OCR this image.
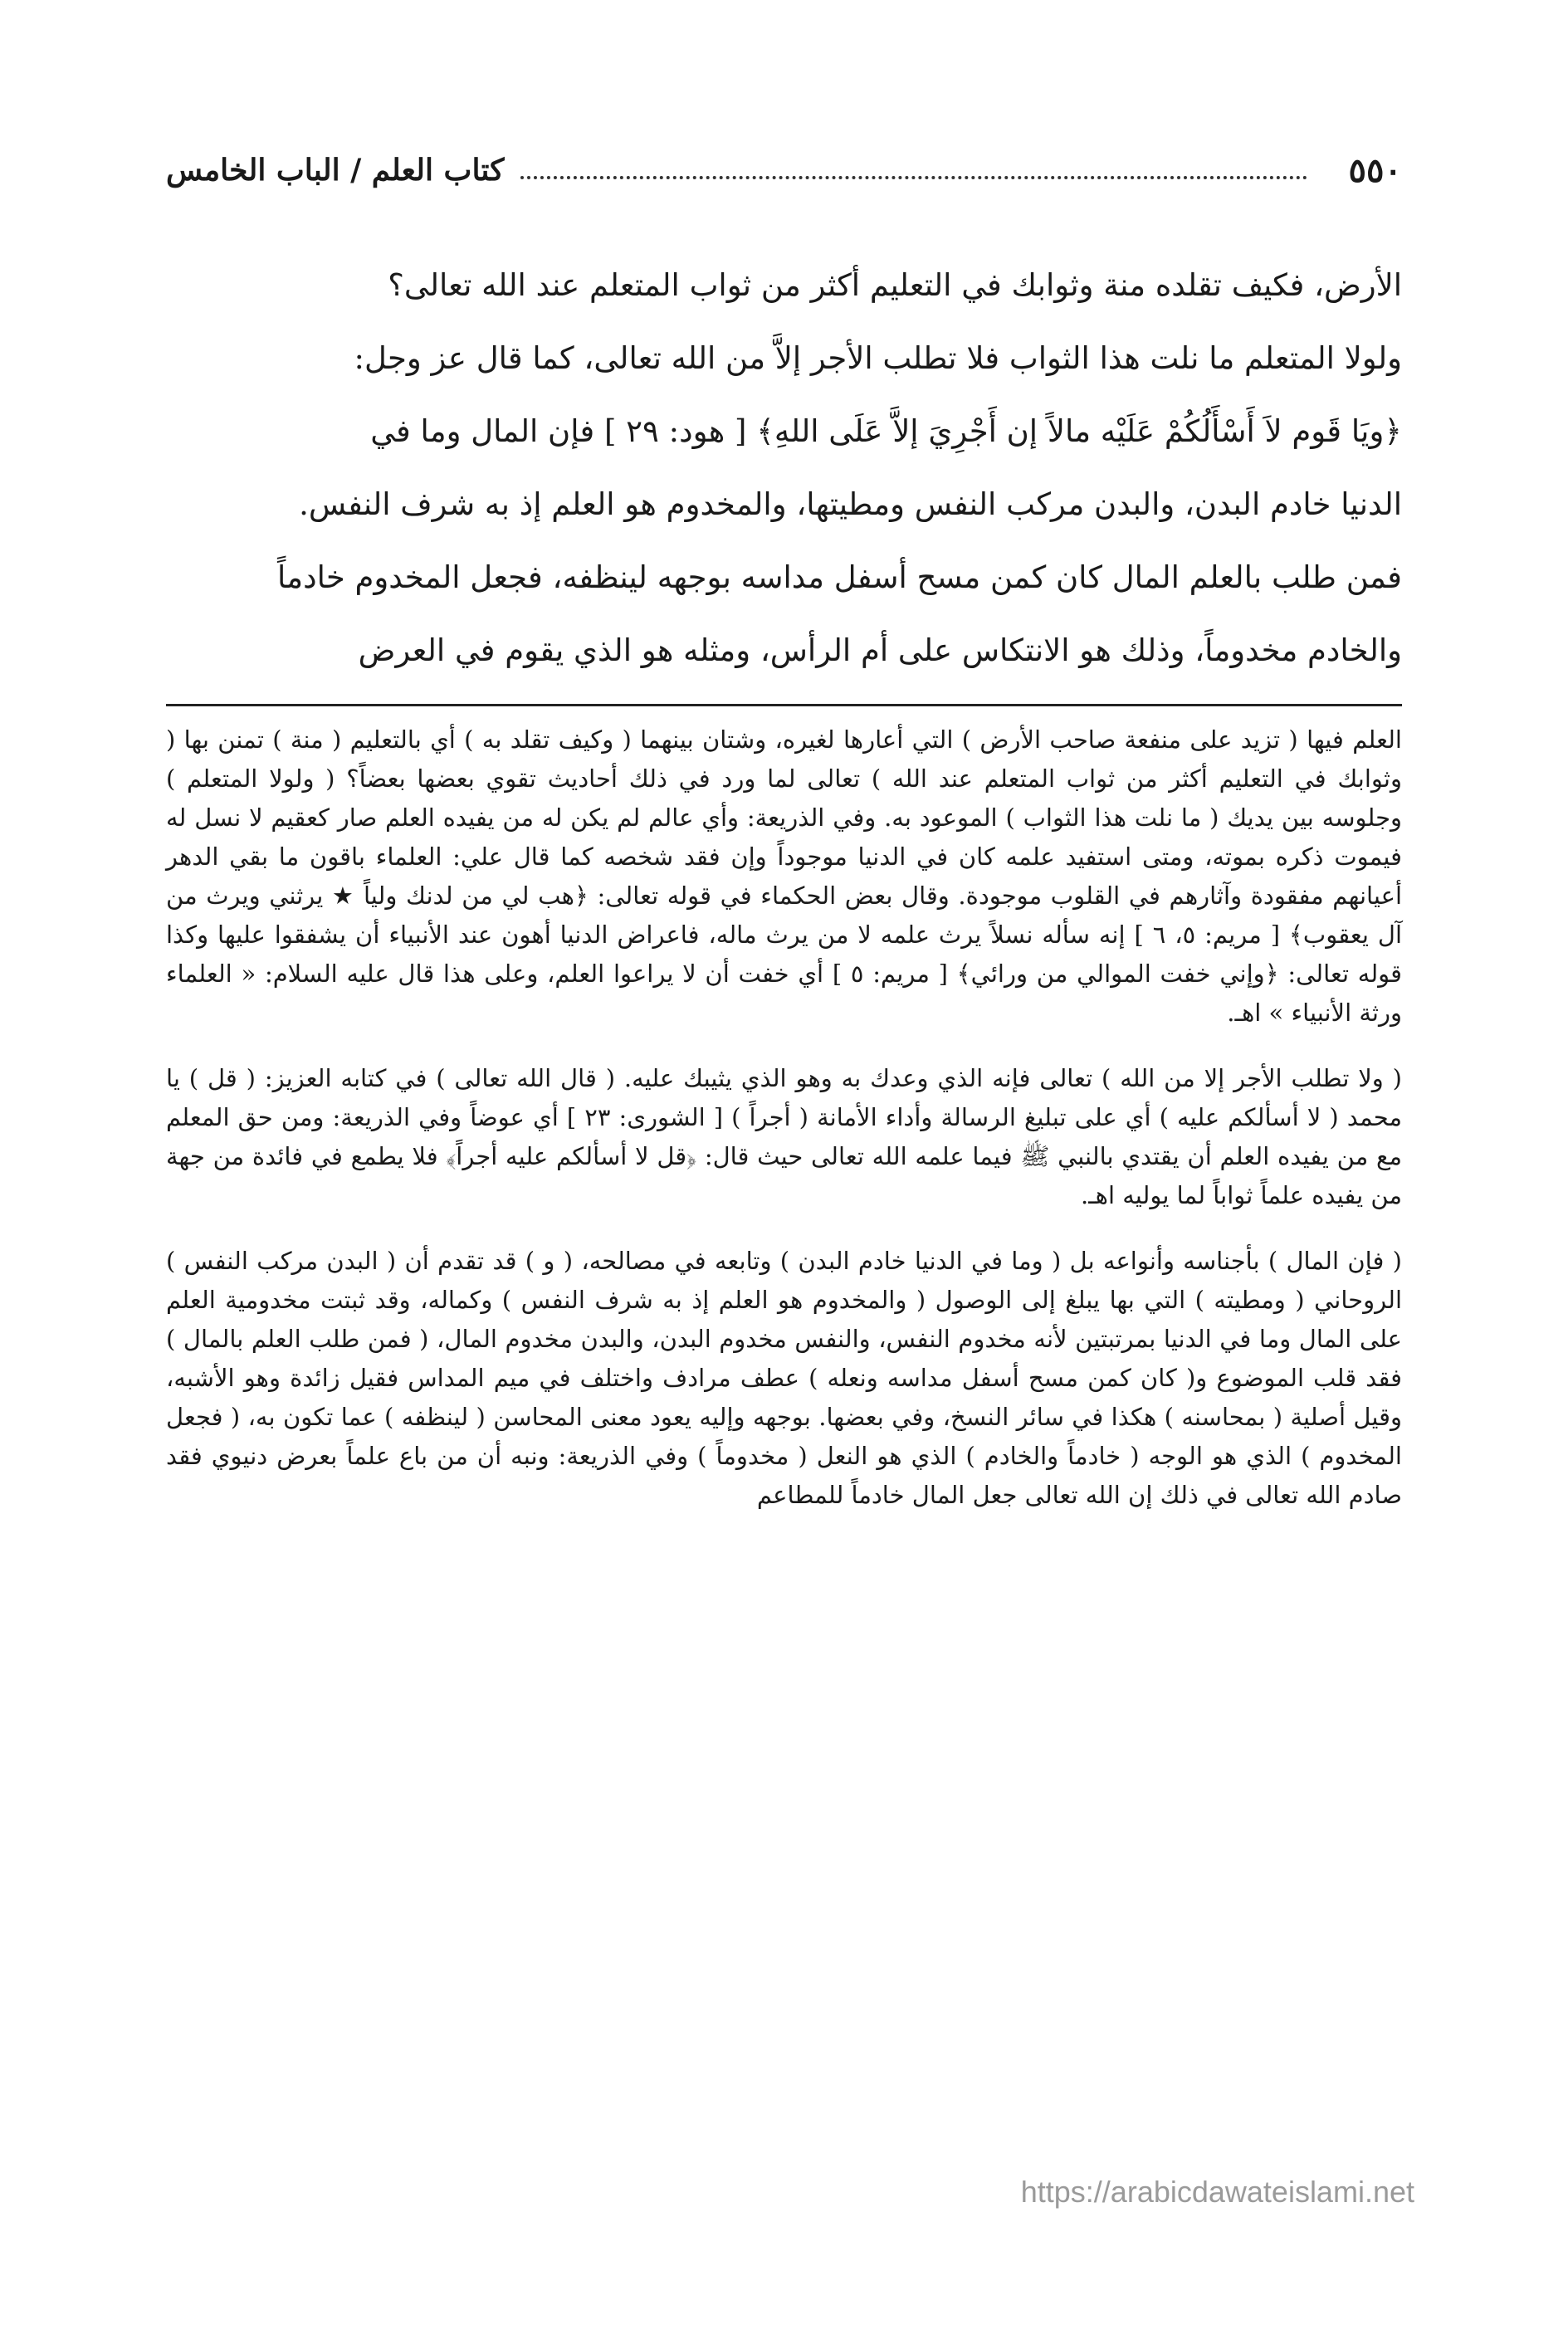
٥٥٠
كتاب العلم / الباب الخامس

الأرض، فكيف تقلده منة وثوابك في التعليم أكثر من ثواب المتعلم عند الله تعالى؟

ولولا المتعلم ما نلت هذا الثواب فلا تطلب الأجر إلاَّ من الله تعالى، كما قال عز وجل:

﴿ويَا قَوم لاَ أَسْأَلُكُمْ عَلَيْه مالاً إن أَجْرِيَ إلاَّ عَلَى اللهِ﴾ [ هود: ٢٩ ] فإن المال وما في

الدنيا خادم البدن، والبدن مركب النفس ومطيتها، والمخدوم هو العلم إذ به شرف النفس.

فمن طلب بالعلم المال كان كمن مسح أسفل مداسه بوجهه لينظفه، فجعل المخدوم خادماً

والخادم مخدوماً، وذلك هو الانتكاس على أم الرأس، ومثله هو الذي يقوم في العرض

العلم فيها ( تزيد على منفعة صاحب الأرض ) التي أعارها لغيره، وشتان بينهما ( وكيف تقلد به ) أي بالتعليم ( منة ) تمنن بها ( وثوابك في التعليم أكثر من ثواب المتعلم عند الله ) تعالى لما ورد في ذلك أحاديث تقوي بعضها بعضاً؟ ( ولولا المتعلم ) وجلوسه بين يديك ( ما نلت هذا الثواب ) الموعود به. وفي الذريعة: وأي عالم لم يكن له من يفيده العلم صار كعقيم لا نسل له فيموت ذكره بموته، ومتى استفيد علمه كان في الدنيا موجوداً وإن فقد شخصه كما قال علي: العلماء باقون ما بقي الدهر أعيانهم مفقودة وآثارهم في القلوب موجودة. وقال بعض الحكماء في قوله تعالى: ﴿هب لي من لدنك ولياً ★ يرثني ويرث من آل يعقوب﴾ [ مريم: ٥، ٦ ] إنه سأله نسلاً يرث علمه لا من يرث ماله، فاعراض الدنيا أهون عند الأنبياء أن يشفقوا عليها وكذا قوله تعالى: ﴿وإني خفت الموالي من ورائي﴾ [ مريم: ٥ ] أي خفت أن لا يراعوا العلم، وعلى هذا قال عليه السلام: « العلماء ورثة الأنبياء » اهـ.

( ولا تطلب الأجر إلا من الله ) تعالى فإنه الذي وعدك به وهو الذي يثيبك عليه. ( قال الله تعالى ) في كتابه العزيز: ( قل ) يا محمد ( لا أسألكم عليه ) أي على تبليغ الرسالة وأداء الأمانة ( أجراً ) [ الشورى: ٢٣ ] أي عوضاً وفي الذريعة: ومن حق المعلم مع من يفيده العلم أن يقتدي بالنبي ﷺ فيما علمه الله تعالى حيث قال: ﴿قل لا أسألكم عليه أجراً﴾ فلا يطمع في فائدة من جهة من يفيده علماً ثواباً لما يوليه اهـ.

( فإن المال ) بأجناسه وأنواعه بل ( وما في الدنيا خادم البدن ) وتابعه في مصالحه، ( و ) قد تقدم أن ( البدن مركب النفس ) الروحاني ( ومطيته ) التي بها يبلغ إلى الوصول ( والمخدوم هو العلم إذ به شرف النفس ) وكماله، وقد ثبتت مخدومية العلم على المال وما في الدنيا بمرتبتين لأنه مخدوم النفس، والنفس مخدوم البدن، والبدن مخدوم المال، ( فمن طلب العلم بالمال ) فقد قلب الموضوع و( كان كمن مسح أسفل مداسه ونعله ) عطف مرادف واختلف في ميم المداس فقيل زائدة وهو الأشبه، وقيل أصلية ( بمحاسنه ) هكذا في سائر النسخ، وفي بعضها. بوجهه وإليه يعود معنى المحاسن ( لينظفه ) عما تكون به، ( فجعل المخدوم ) الذي هو الوجه ( خادماً والخادم ) الذي هو النعل ( مخدوماً ) وفي الذريعة: ونبه أن من باع علماً بعرض دنيوي فقد صادم الله تعالى في ذلك إن الله تعالى جعل المال خادماً للمطاعم

https://arabicdawateislami.net
